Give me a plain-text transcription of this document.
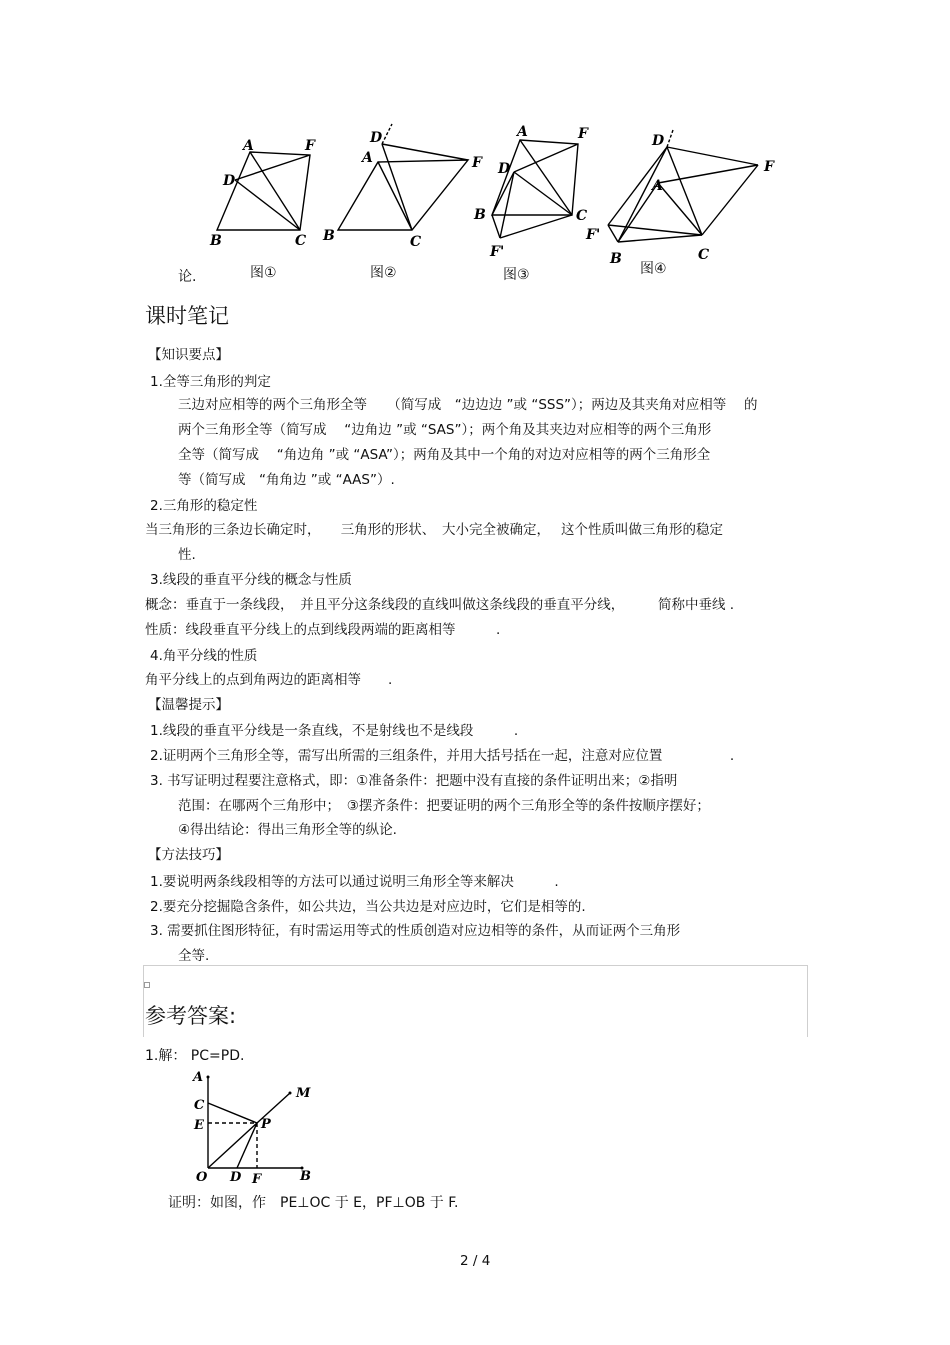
A	F
D
B	C
图①
D
A	F
B	C
图②
A	F
D
C
B
F'
图③
D
F
A
F'
B	C
图④
论.
课时笔记
【知识要点】
1.全等三角形的判定
三边对应相等的两个三角形全等　　（简写成　“边边边 ”或 “SSS”）；两边及其夹角对应相等　 的
两个三角形全等（简写成　 “边角边 ”或 “SAS”）；两个角及其夹边对应相等的两个三角形
全等（简写成　 “角边角 ”或 “ASA”）；两角及其中一个角的对边对应相等的两个三角形全
等（简写成　“角角边 ”或 “AAS”）.
2.三角形的稳定性
当三角形的三条边长确定时，　　三角形的形状、　大小完全被确定，　 这个性质叫做三角形的稳定
性.
3.线段的垂直平分线的概念与性质
概念：垂直于一条线段，　并且平分这条线段的直线叫做这条线段的垂直平分线，　　　简称中垂线 .
性质：线段垂直平分线上的点到线段两端的距离相等　　　.
4.角平分线的性质
角平分线上的点到角两边的距离相等　　.
【温馨提示】
1.线段的垂直平分线是一条直线，不是射线也不是线段　　　.
2.证明两个三角形全等，需写出所需的三组条件，并用大括号括在一起，注意对应位置　　　　　.
3. 书写证明过程要注意格式，即：①准备条件：把题中没有直接的条件证明出来；②指明
范围：在哪两个三角形中；　③摆齐条件：把要证明的两个三角形全等的条件按顺序摆好；
④得出结论：得出三角形全等的纵论.
【方法技巧】
1.要说明两条线段相等的方法可以通过说明三角形全等来解决　　　.
2.要充分挖掘隐含条件，如公共边，当公共边是对应边时，它们是相等的.
3. 需要抓住图形特征，有时需运用等式的性质创造对应边相等的条件，从而证两个三角形
全等.
参考答案:
1.解： PC=PD.
A
C
E
O D F
P
M
B
证明：如图，作　PE⊥OC 于 E，PF⊥OB 于 F.
2 / 4
